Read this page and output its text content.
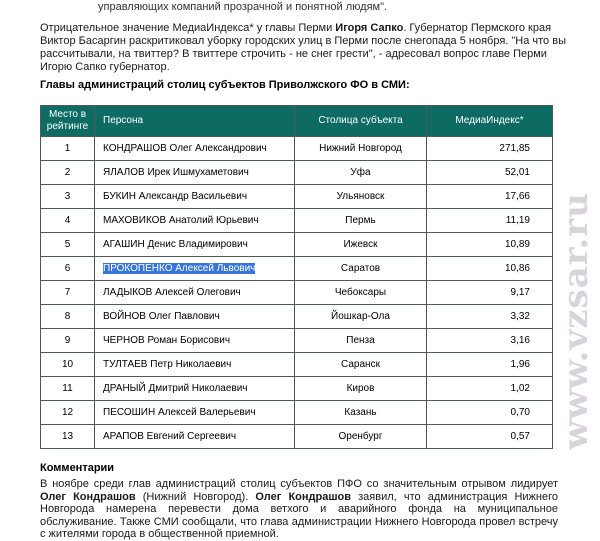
управляющих компаний прозрачной и понятной людям".
Отрицательное значение МедиаИндекса* у главы Перми Игоря Сапко. Губернатор Пермского края Виктор Басаргин раскритиковал уборку городских улиц в Перми после снегопада 5 ноября. "На что вы рассчитывали, на твиттер? В твиттере строчить - не снег грести", - адресовал вопрос главе Перми Игорю Сапко губернатор.
Главы администраций столиц субъектов Приволжского ФО в СМИ:
Место в рейтинге	Персона	Столица субъекта	МедиаИндекс*
1	КОНДРАШОВ Олег Александрович	Нижний Новгород	271,85
2	ЯЛАЛОВ Ирек Ишмухаметович	Уфа	52,01
3	БУКИН Александр Васильевич	Ульяновск	17,66
4	МАХОВИКОВ Анатолий Юрьевич	Пермь	11,19
5	АГАШИН Денис Владимирович	Ижевск	10,89
6	ПРОКОПЕНКО Алексей Львович	Саратов	10,86
7	ЛАДЫКОВ Алексей Олегович	Чебоксары	9,17
8	ВОЙНОВ Олег Павлович	Йошкар-Ола	3,32
9	ЧЕРНОВ Роман Борисович	Пенза	3,16
10	ТУЛТАЕВ Петр Николаевич	Саранск	1,96
11	ДРАНЫЙ Дмитрий Николаевич	Киров	1,02
12	ПЕСОШИН Алексей Валерьевич	Казань	0,70
13	АРАПОВ Евгений Сергеевич	Оренбург	0,57
Комментарии
В ноябре среди глав администраций столиц субъектов ПФО со значительным отрывом лидирует Олег Кондрашов (Нижний Новгород). Олег Кондрашов заявил, что администрация Нижнего Новгорода намерена перевести дома ветхого и аварийного фонда на муниципальное обслуживание. Также СМИ сообщали, что глава администрации Нижнего Новгорода провел встречу с жителями города в общественной приемной.
www.vzsar.ru
